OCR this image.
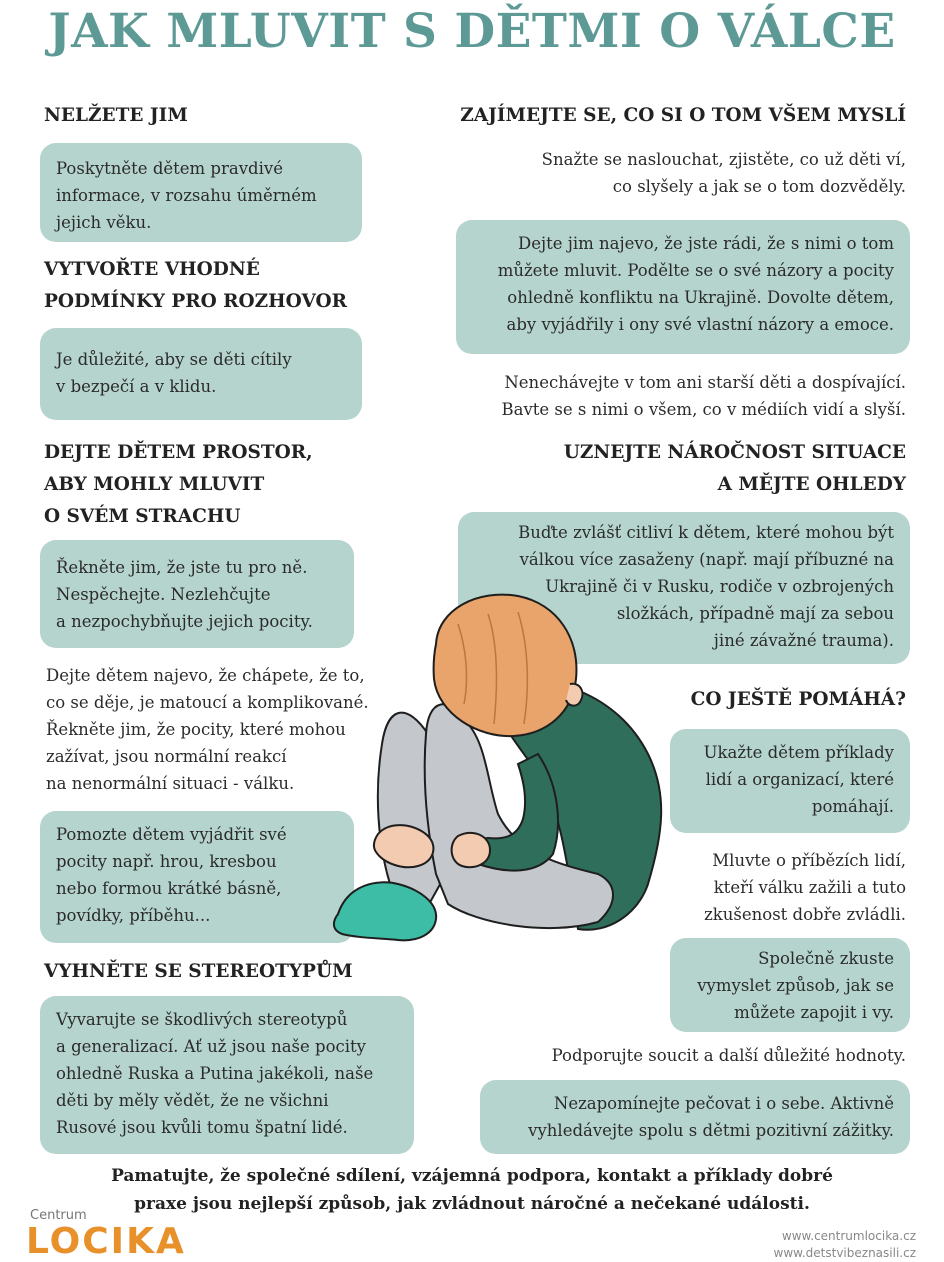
JAK MLUVIT S DĚTMI O VÁLCE
NELŽETE JIM
Poskytněte dětem pravdivé
informace, v rozsahu úměrném
jejich věku.
VYTVOŘTE VHODNÉ
PODMÍNKY PRO ROZHOVOR
Je důležité, aby se děti cítily
v bezpečí a v klidu.
DEJTE DĚTEM PROSTOR,
ABY MOHLY MLUVIT
O SVÉM STRACHU
Řekněte jim, že jste tu pro ně.
Nespěchejte. Nezlehčujte
a nezpochybňujte jejich pocity.
Dejte dětem najevo, že chápete, že to,
co se děje, je matoucí a komplikované.
Řekněte jim, že pocity, které mohou
zažívat, jsou normální reakcí
na nenormální situaci - válku.
Pomozte dětem vyjádřit své
pocity např. hrou, kresbou
nebo formou krátké básně,
povídky, příběhu...
VYHNĚTE SE STEREOTYPŮM
Vyvarujte se škodlivých stereotypů
a generalizací. Ať už jsou naše pocity
ohledně Ruska a Putina jakékoli, naše
děti by měly vědět, že ne všichni
Rusové jsou kvůli tomu špatní lidé.
ZAJÍMEJTE SE, CO SI O TOM VŠEM MYSLÍ
Snažte se naslouchat, zjistěte, co už děti ví,
co slyšely a jak se o tom dozvěděly.
Dejte jim najevo, že jste rádi, že s nimi o tom
můžete mluvit. Podělte se o své názory a pocity
ohledně konfliktu na Ukrajině. Dovolte dětem,
aby vyjádřily i ony své vlastní názory a emoce.
Nenechávejte v tom ani starší děti a dospívající.
Bavte se s nimi o všem, co v médiích vidí a slyší.
UZNEJTE NÁROČNOST SITUACE
A MĚJTE OHLEDY
Buďte zvlášť citliví k dětem, které mohou být
válkou více zasaženy (např. mají příbuzné na
Ukrajině či v Rusku, rodiče v ozbrojených
složkách, případně mají za sebou
jiné závažné trauma).
CO JEŠTĚ POMÁHÁ?
Ukažte dětem příklady
lidí a organizací, které
pomáhají.
Mluvte o příbězích lidí,
kteří válku zažili a tuto
zkušenost dobře zvládli.
Společně zkuste
vymyslet způsob, jak se
můžete zapojit i vy.
Podporujte soucit a další důležité hodnoty.
Nezapomínejte pečovat i o sebe. Aktivně
vyhledávejte spolu s dětmi pozitivní zážitky.
Pamatujte, že společné sdílení, vzájemná podpora, kontakt a příklady dobré
praxe jsou nejlepší způsob, jak zvládnout náročné a nečekané události.
Centrum
LOCIKA	www.centrumlocika.cz
www.detstvibeznasili.cz
